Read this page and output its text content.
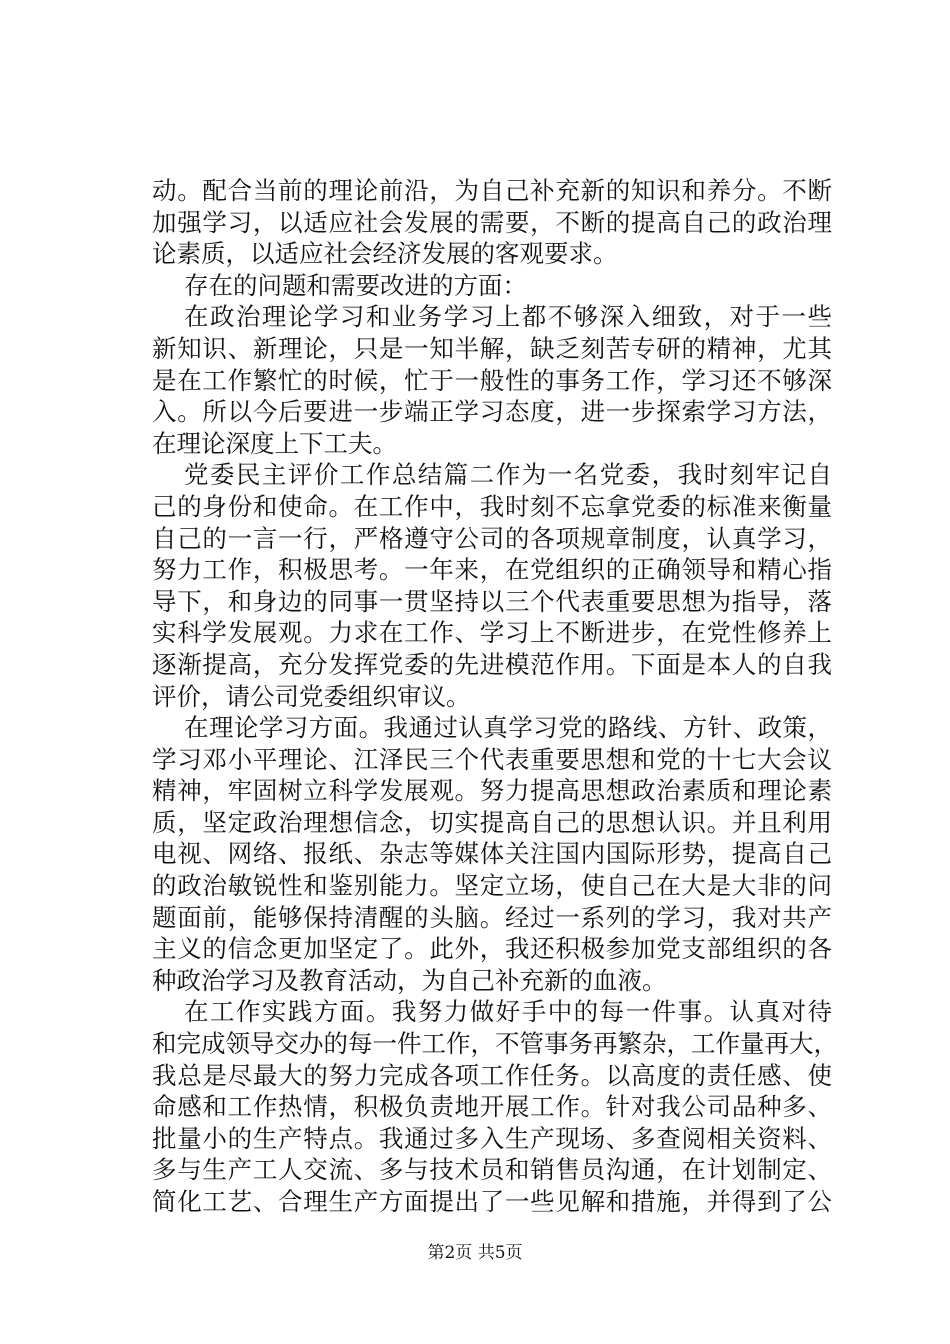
动。配合当前的理论前沿，为自己补充新的知识和养分。不断
加强学习，以适应社会发展的需要，不断的提高自己的政治理
论素质，以适应社会经济发展的客观要求。
存在的问题和需要改进的方面：
在政治理论学习和业务学习上都不够深入细致，对于一些
新知识、新理论，只是一知半解，缺乏刻苦专研的精神，尤其
是在工作繁忙的时候，忙于一般性的事务工作，学习还不够深
入。所以今后要进一步端正学习态度，进一步探索学习方法，
在理论深度上下工夫。
党委民主评价工作总结篇二作为一名党委，我时刻牢记自
己的身份和使命。在工作中，我时刻不忘拿党委的标准来衡量
自己的一言一行，严格遵守公司的各项规章制度，认真学习，
努力工作，积极思考。一年来，在党组织的正确领导和精心指
导下，和身边的同事一贯坚持以三个代表重要思想为指导，落
实科学发展观。力求在工作、学习上不断进步，在党性修养上
逐渐提高，充分发挥党委的先进模范作用。下面是本人的自我
评价，请公司党委组织审议。
在理论学习方面。我通过认真学习党的路线、方针、政策，
学习邓小平理论、江泽民三个代表重要思想和党的十七大会议
精神，牢固树立科学发展观。努力提高思想政治素质和理论素
质，坚定政治理想信念，切实提高自己的思想认识。并且利用
电视、网络、报纸、杂志等媒体关注国内国际形势，提高自己
的政治敏锐性和鉴别能力。坚定立场，使自己在大是大非的问
题面前，能够保持清醒的头脑。经过一系列的学习，我对共产
主义的信念更加坚定了。此外，我还积极参加党支部组织的各
种政治学习及教育活动，为自己补充新的血液。
在工作实践方面。我努力做好手中的每一件事。认真对待
和完成领导交办的每一件工作，不管事务再繁杂，工作量再大，
我总是尽最大的努力完成各项工作任务。以高度的责任感、使
命感和工作热情，积极负责地开展工作。针对我公司品种多、
批量小的生产特点。我通过多入生产现场、多查阅相关资料、
多与生产工人交流、多与技术员和销售员沟通，在计划制定、
简化工艺、合理生产方面提出了一些见解和措施，并得到了公
第2页 共5页
